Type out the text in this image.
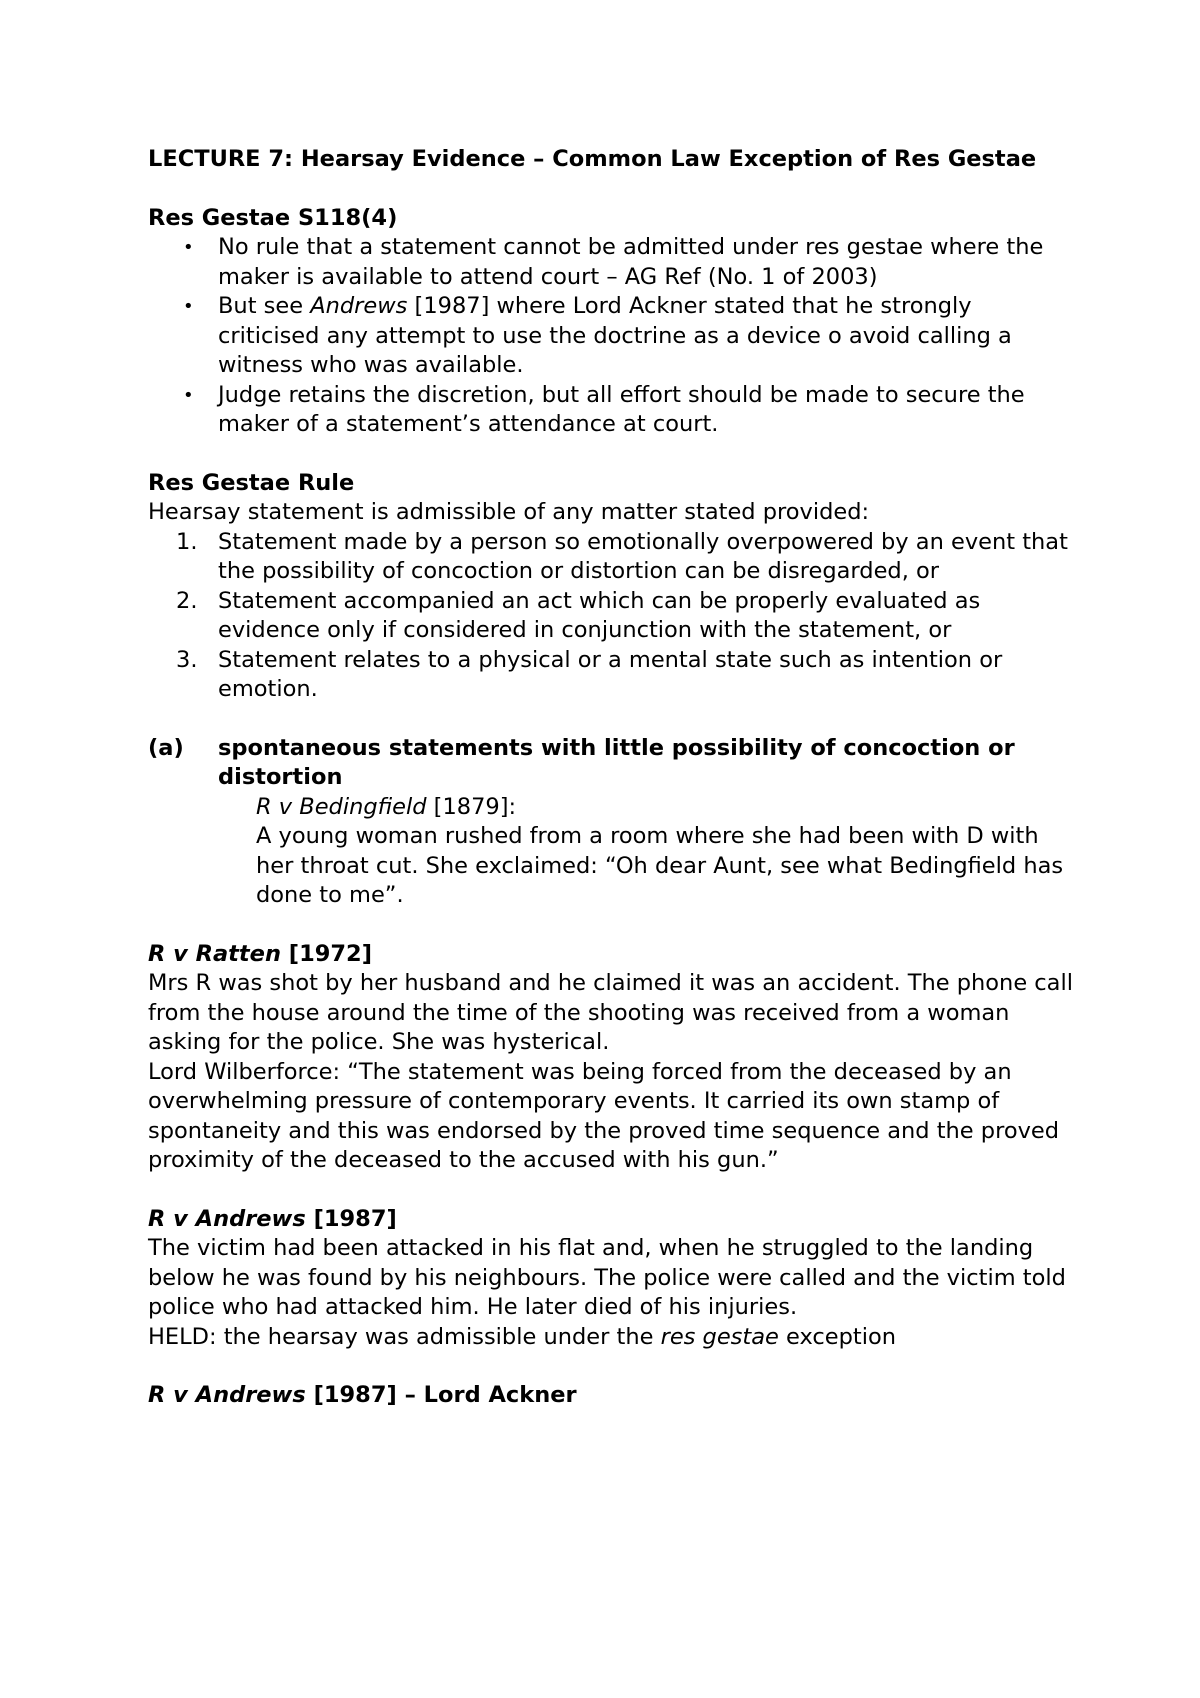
LECTURE 7: Hearsay Evidence – Common Law Exception of Res Gestae

Res Gestae S118(4)

• No rule that a statement cannot be admitted under res gestae where the maker is available to attend court – AG Ref (No. 1 of 2003)
• But see Andrews [1987] where Lord Ackner stated that he strongly criticised any attempt to use the doctrine as a device o avoid calling a witness who was available.
• Judge retains the discretion, but all effort should be made to secure the maker of a statement’s attendance at court.

Res Gestae Rule

Hearsay statement is admissible of any matter stated provided:

1. Statement made by a person so emotionally overpowered by an event that the possibility of concoction or distortion can be disregarded, or
2. Statement accompanied an act which can be properly evaluated as evidence only if considered in conjunction with the statement, or
3. Statement relates to a physical or a mental state such as intention or emotion.
(a) spontaneous statements with little possibility of concoction or distortion

R v Bedingfield [1879]:

A young woman rushed from a room where she had been with D with her throat cut. She exclaimed: “Oh dear Aunt, see what Bedingfield has done to me”.

R v Ratten [1972]

Mrs R was shot by her husband and he claimed it was an accident. The phone call from the house around the time of the shooting was received from a woman asking for the police. She was hysterical.

Lord Wilberforce: “The statement was being forced from the deceased by an overwhelming pressure of contemporary events. It carried its own stamp of spontaneity and this was endorsed by the proved time sequence and the proved proximity of the deceased to the accused with his gun.”

R v Andrews [1987]

The victim had been attacked in his flat and, when he struggled to the landing below he was found by his neighbours. The police were called and the victim told police who had attacked him. He later died of his injuries.

HELD: the hearsay was admissible under the res gestae exception

R v Andrews [1987] – Lord Ackner
